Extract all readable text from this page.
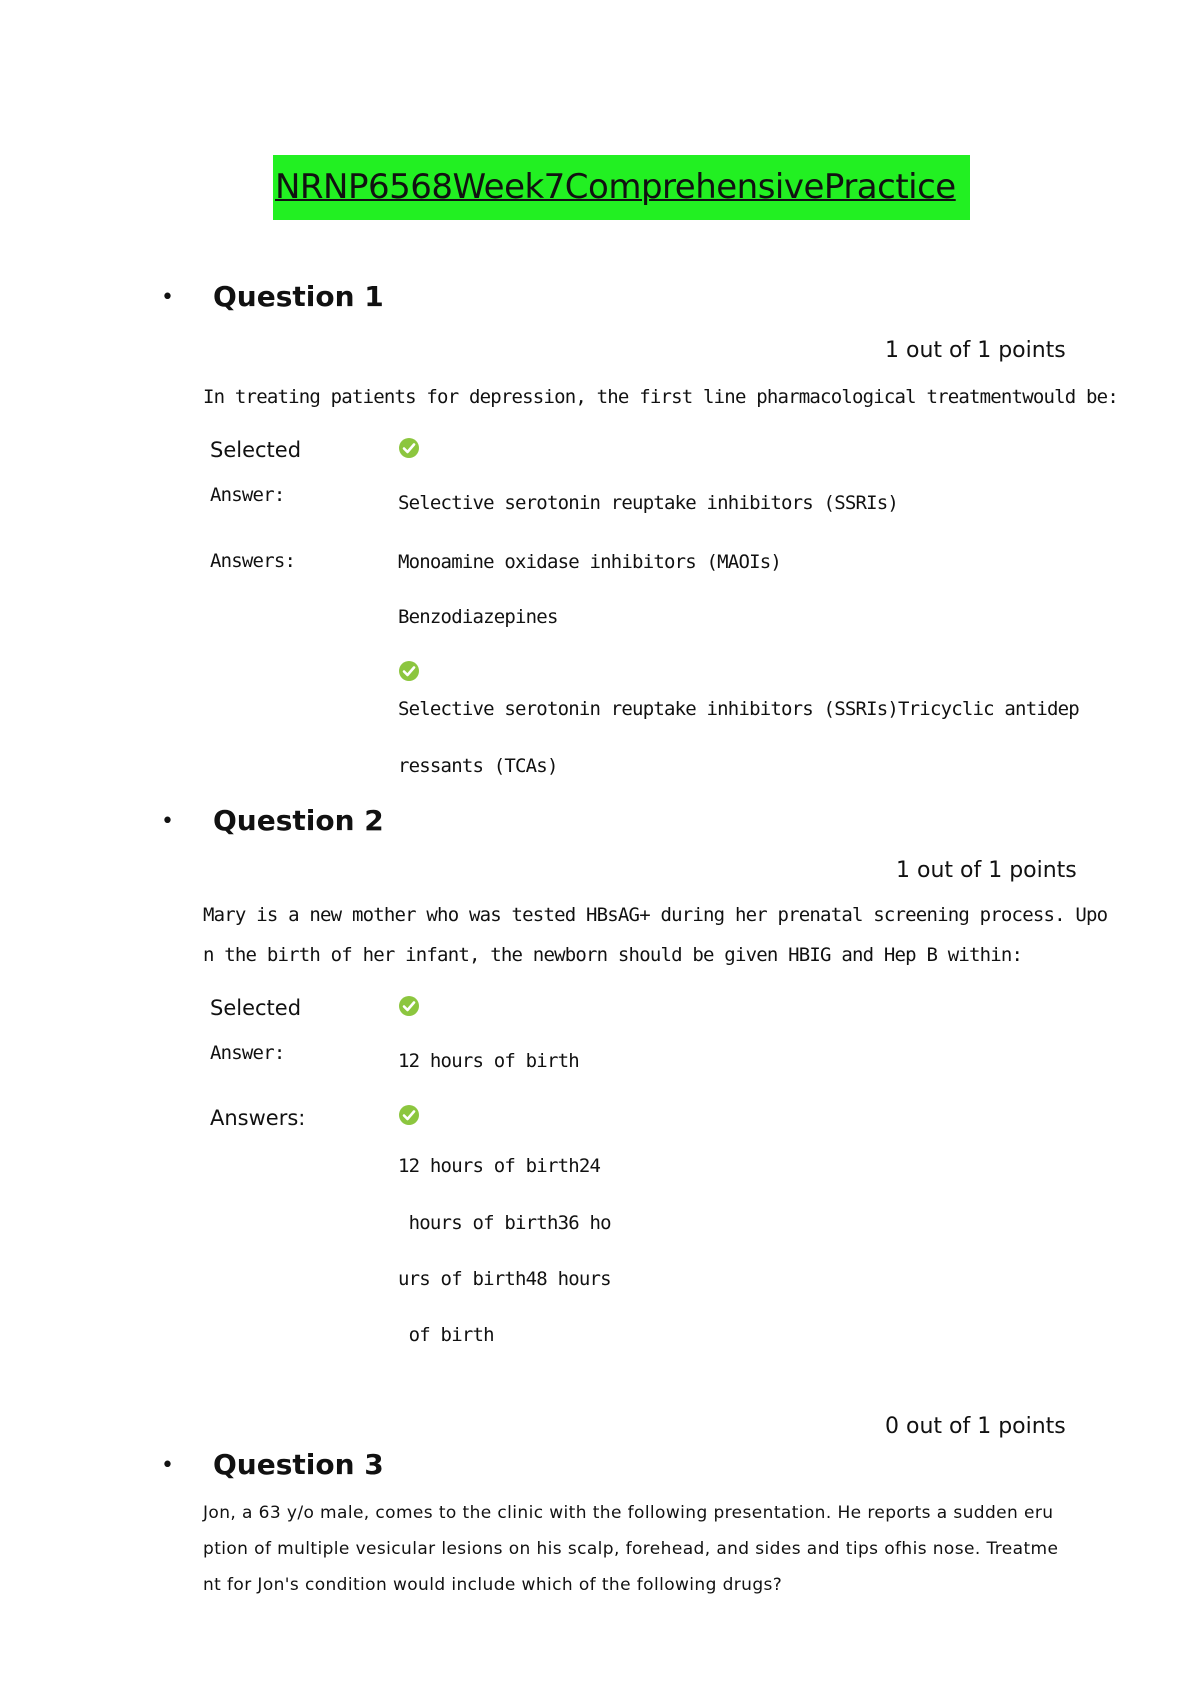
NRNP6568Week7ComprehensivePractice
• Question 1
1 out of 1 points
In treating patients for depression, the first line pharmacological treatmentwould be:
Selected
Answer:	Selective serotonin reuptake inhibitors (SSRIs)
Answers:	Monoamine oxidase inhibitors (MAOIs)
Benzodiazepines
Selective serotonin reuptake inhibitors (SSRIs)Tricyclic antidep
ressants (TCAs)
• Question 2
1 out of 1 points
Mary is a new mother who was tested HBsAG+ during her prenatal screening process. Upo
n the birth of her infant, the newborn should be given HBIG and Hep B within:
Selected
Answer:	12 hours of birth
Answers:
12 hours of birth24
hours of birth36 ho
urs of birth48 hours
of birth
0 out of 1 points
• Question 3
Jon, a 63 y/o male, comes to the clinic with the following presentation. He reports a sudden eru
ption of multiple vesicular lesions on his scalp, forehead, and sides and tips ofhis nose. Treatme
nt for Jon's condition would include which of the following drugs?
